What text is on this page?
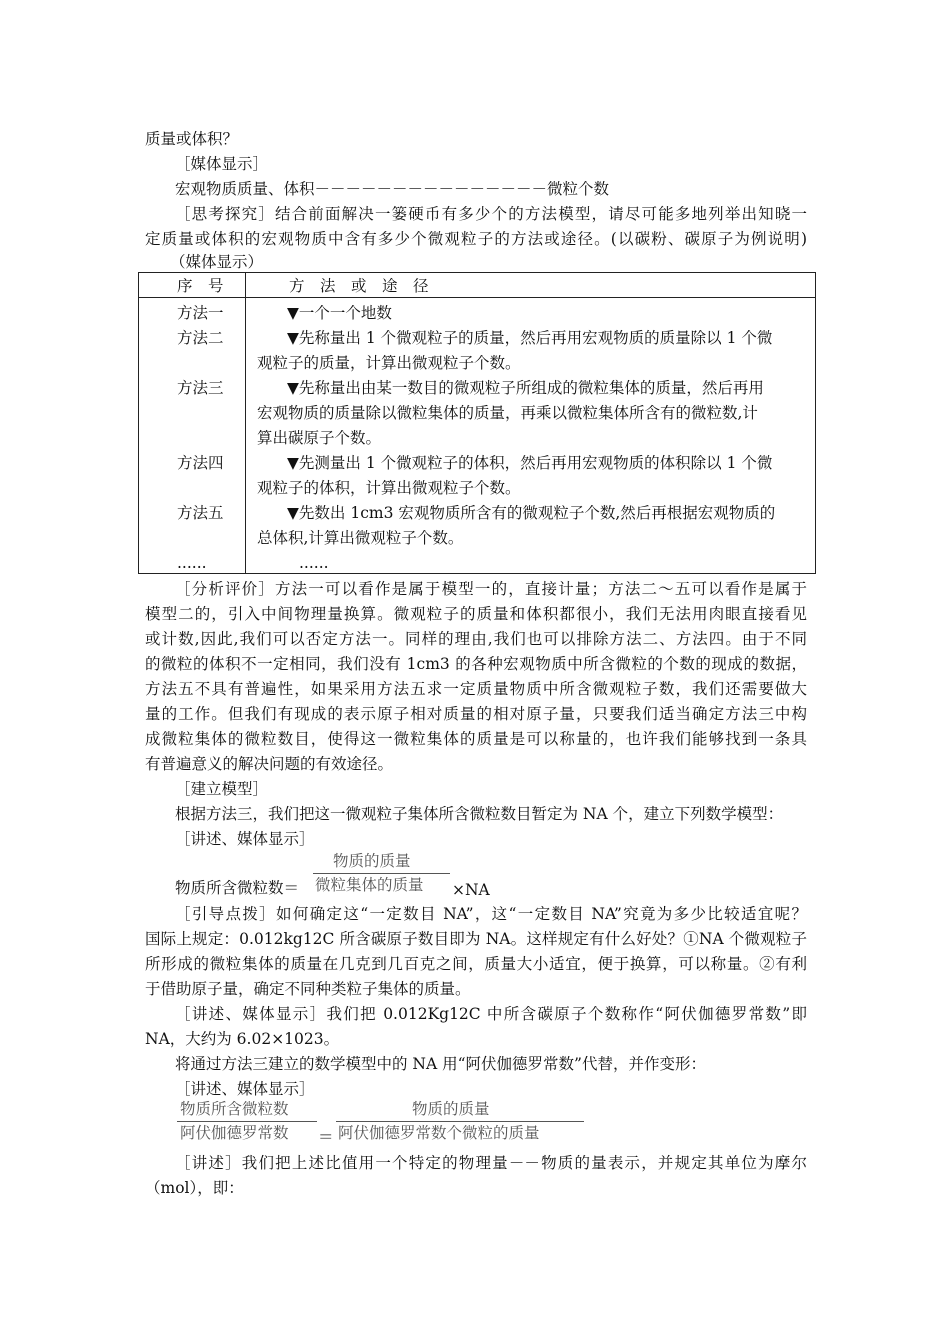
质量或体积？
［媒体显示］
宏观物质质量、体积－－－－－－－－－－－－－－－微粒个数
［思考探究］结合前面解决一篓硬币有多少个的方法模型，请尽可能多地列举出知晓一
定质量或体积的宏观物质中含有多少个微观粒子的方法或途径。(以碳粉、碳原子为例说明)
（媒体显示）
序　号	方　法　或　途　径
方法一	▼一个一个地数
方法二	▼先称量出 1 个微观粒子的质量，然后再用宏观物质的质量除以 1 个微
观粒子的质量，计算出微观粒子个数。
方法三	▼先称量出由某一数目的微观粒子所组成的微粒集体的质量，然后再用
宏观物质的质量除以微粒集体的质量，再乘以微粒集体所含有的微粒数,计
算出碳原子个数。
方法四	▼先测量出 1 个微观粒子的体积，然后再用宏观物质的体积除以 1 个微
观粒子的体积，计算出微观粒子个数。
方法五	▼先数出 1cm3 宏观物质所含有的微观粒子个数,然后再根据宏观物质的
总体积,计算出微观粒子个数。
......	......
［分析评价］方法一可以看作是属于模型一的，直接计量；方法二～五可以看作是属于
模型二的，引入中间物理量换算。微观粒子的质量和体积都很小，我们无法用肉眼直接看见
或计数,因此,我们可以否定方法一。同样的理由,我们也可以排除方法二、方法四。由于不同
的微粒的体积不一定相同，我们没有 1cm3 的各种宏观物质中所含微粒的个数的现成的数据，
方法五不具有普遍性，如果采用方法五求一定质量物质中所含微观粒子数，我们还需要做大
量的工作。但我们有现成的表示原子相对质量的相对原子量，只要我们适当确定方法三中构
成微粒集体的微粒数目，使得这一微粒集体的质量是可以称量的，也许我们能够找到一条具
有普遍意义的解决问题的有效途径。
［建立模型］
根据方法三，我们把这一微观粒子集体所含微粒数目暂定为 NA 个，建立下列数学模型：
［讲述、媒体显示］
物质的质量
物质所含微粒数＝ 微粒集体的质量 ×NA
［引导点拨］如何确定这“一定数目 NA”，这“一定数目 NA”究竟为多少比较适宜呢？
国际上规定：0.012kg12C 所含碳原子数目即为 NA。这样规定有什么好处？①NA 个微观粒子
所形成的微粒集体的质量在几克到几百克之间，质量大小适宜，便于换算，可以称量。②有利
于借助原子量，确定不同种类粒子集体的质量。
［讲述、媒体显示］我们把 0.012Kg12C 中所含碳原子个数称作“阿伏伽德罗常数”即
NA，大约为 6.02×1023。
将通过方法三建立的数学模型中的 NA 用“阿伏伽德罗常数”代替，并作变形：
［讲述、媒体显示］
物质所含微粒数
阿伏伽德罗常数 ＝
物质的质量
阿伏伽德罗常数个微粒的质量
［讲述］我们把上述比值用一个特定的物理量－－物质的量表示，并规定其单位为摩尔
（mol），即：
